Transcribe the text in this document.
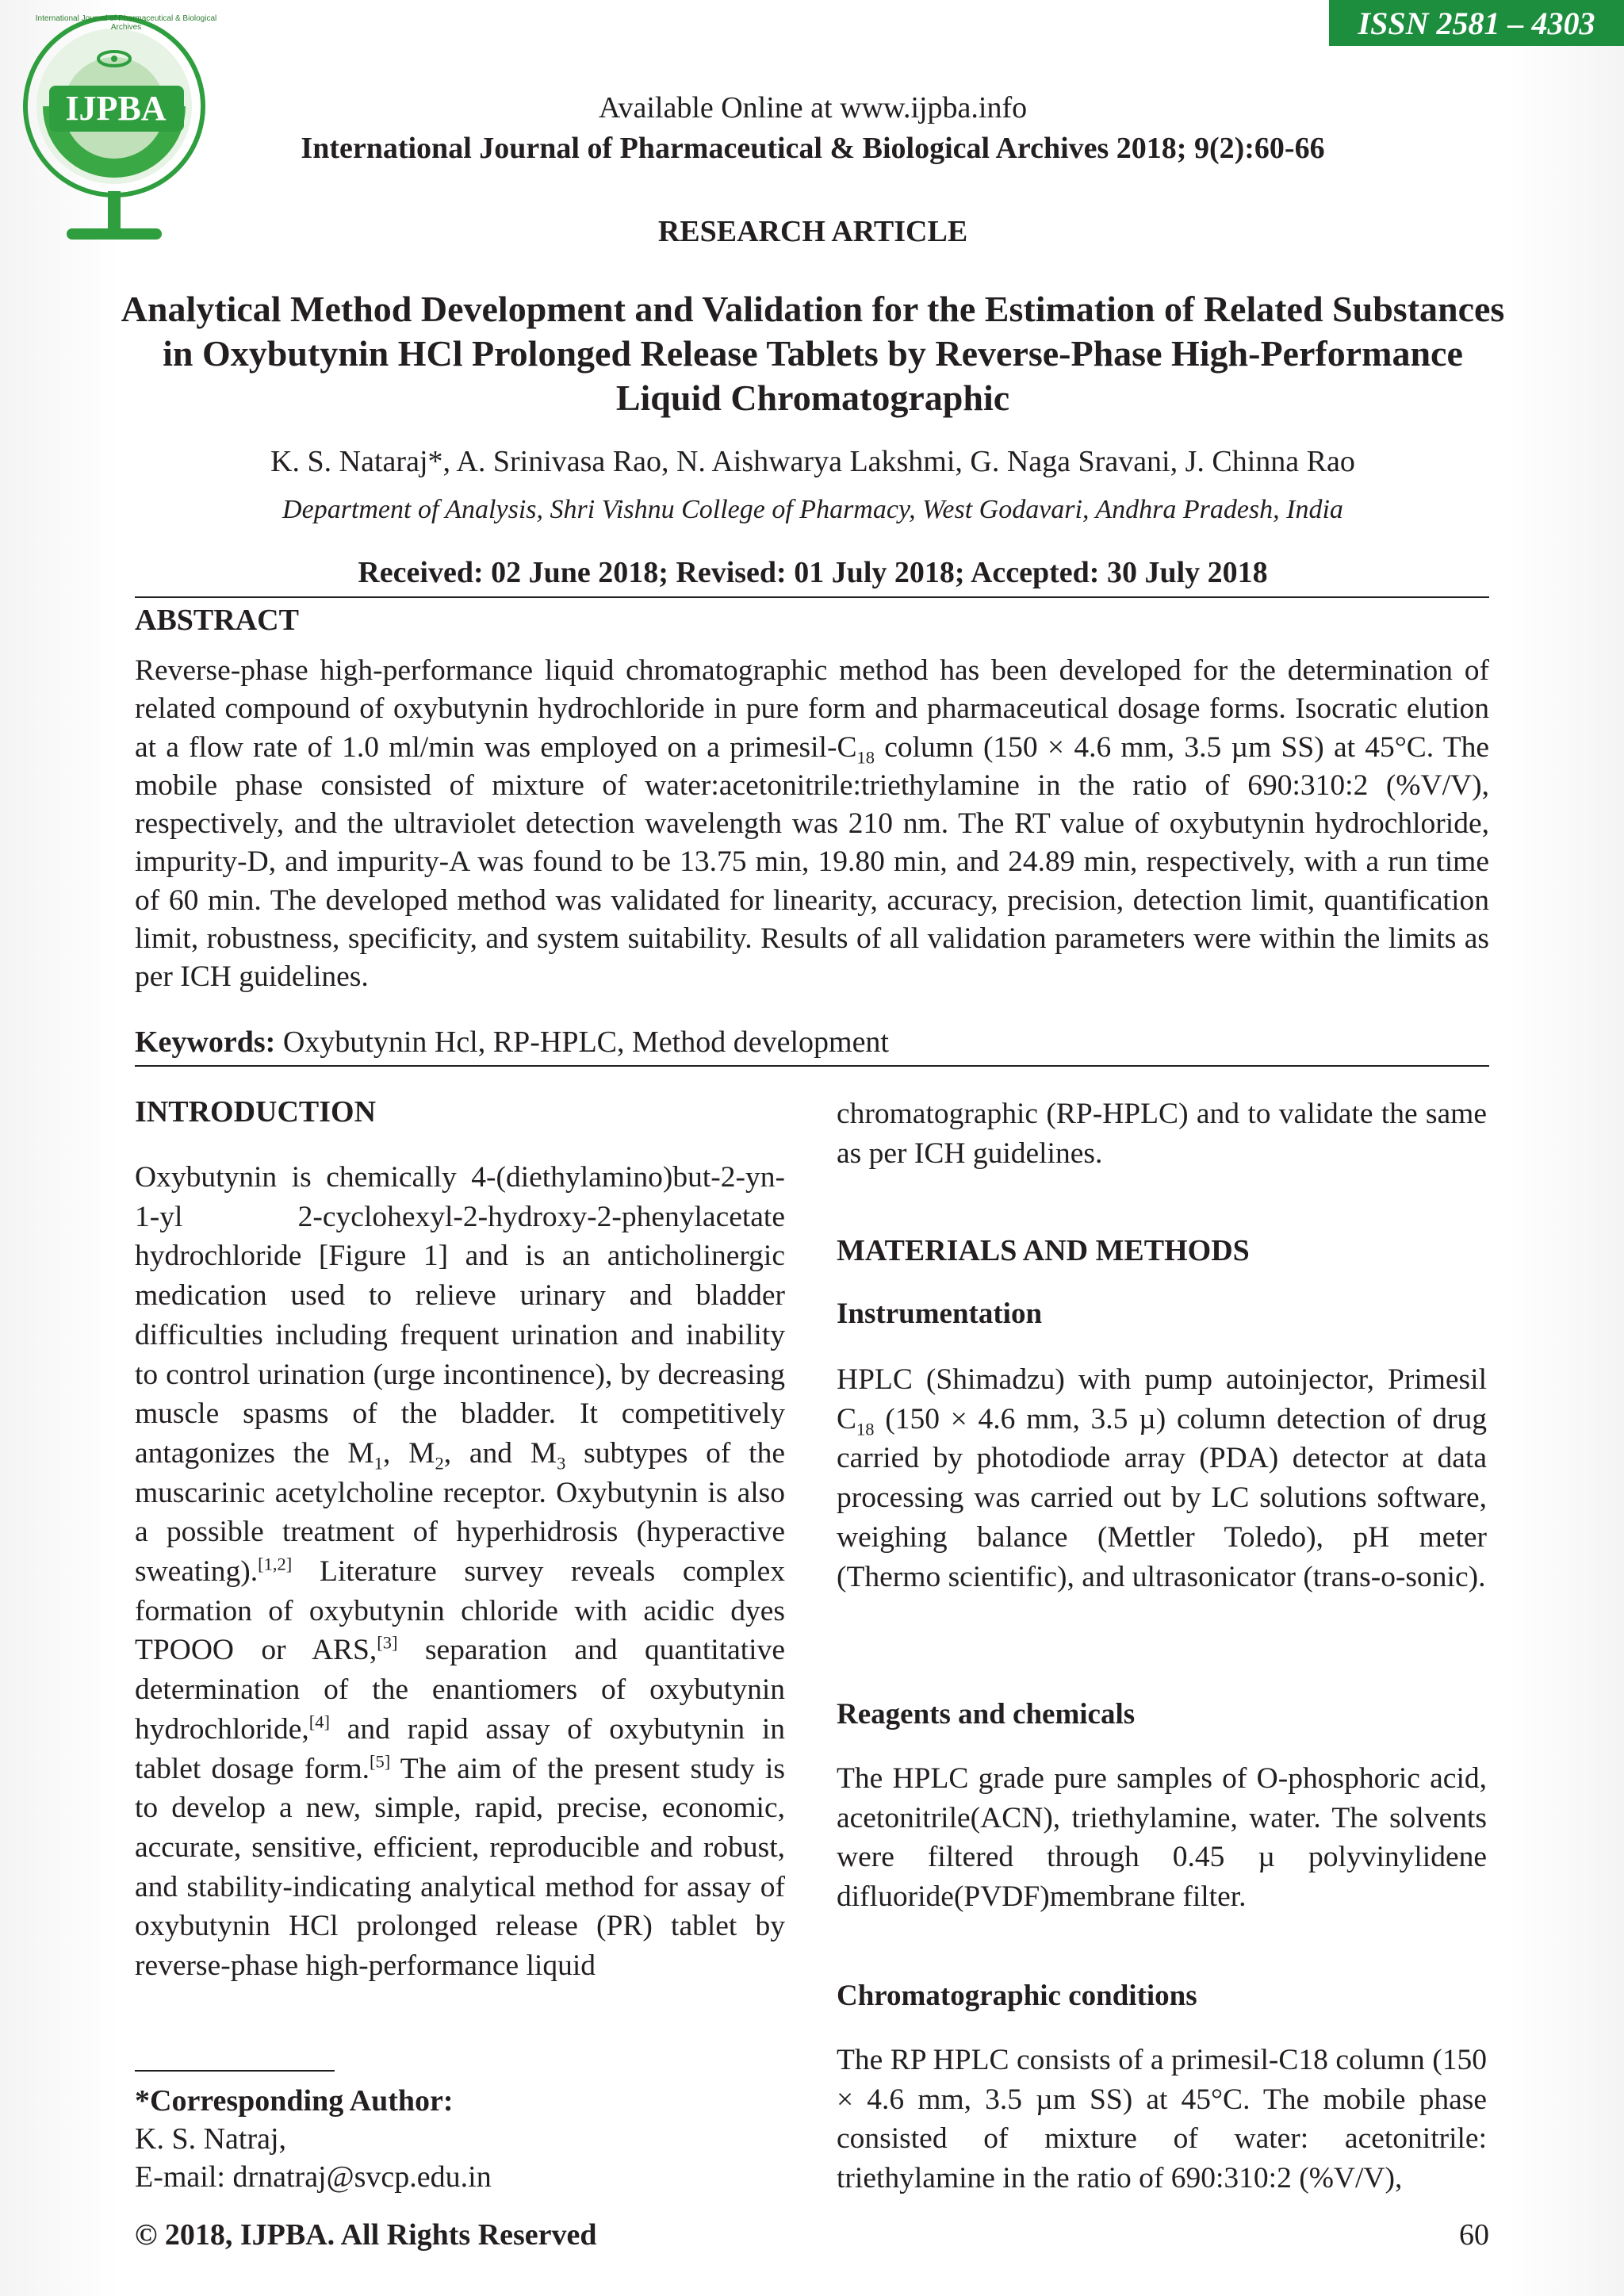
ISSN 2581 – 4303
IJPBA
International Journal of Pharmaceutical & Biological Archives
Available Online at www.ijpba.info
International Journal of Pharmaceutical & Biological Archives 2018; 9(2):60-66
RESEARCH ARTICLE
Analytical Method Development and Validation for the Estimation of Related Substances in Oxybutynin HCl Prolonged Release Tablets by Reverse-Phase High-Performance Liquid Chromatographic
K. S. Nataraj*, A. Srinivasa Rao, N. Aishwarya Lakshmi, G. Naga Sravani, J. Chinna Rao
Department of Analysis, Shri Vishnu College of Pharmacy, West Godavari, Andhra Pradesh, India
Received: 02 June 2018; Revised: 01 July 2018; Accepted: 30 July 2018
ABSTRACT
Reverse-phase high-performance liquid chromatographic method has been developed for the determination of related compound of oxybutynin hydrochloride in pure form and pharmaceutical dosage forms. Isocratic elution at a flow rate of 1.0 ml/min was employed on a primesil-$C_{18}$ column (150 × 4.6 mm, 3.5 µm SS) at 45°C. The mobile phase consisted of mixture of water:acetonitrile:triethylamine in the ratio of 690:310:2 (%V/V), respectively, and the ultraviolet detection wavelength was 210 nm. The RT value of oxybutynin hydrochloride, impurity-D, and impurity-A was found to be 13.75 min, 19.80 min, and 24.89 min, respectively, with a run time of 60 min. The developed method was validated for linearity, accuracy, precision, detection limit, quantification limit, robustness, specificity, and system suitability. Results of all validation parameters were within the limits as per ICH guidelines.
Keywords: Oxybutynin Hcl, RP-HPLC, Method development
INTRODUCTION
Oxybutynin is chemically 4-(diethylamino)but-2-yn-1-yl 2-cyclohexyl-2-hydroxy-2-phenylacetate hydrochloride [Figure 1] and is an anticholinergic medication used to relieve urinary and bladder difficulties including frequent urination and inability to control urination (urge incontinence), by decreasing muscle spasms of the bladder. It competitively antagonizes the $M_1$, $M_2$, and $M_3$ subtypes of the muscarinic acetylcholine receptor. Oxybutynin is also a possible treatment of hyperhidrosis (hyperactive sweating).[1,2] Literature survey reveals complex formation of oxybutynin chloride with acidic dyes TPOOO or ARS,[3] separation and quantitative determination of the enantiomers of oxybutynin hydrochloride,[4] and rapid assay of oxybutynin in tablet dosage form.[5] The aim of the present study is to develop a new, simple, rapid, precise, economic, accurate, sensitive, efficient, reproducible and robust, and stability-indicating analytical method for assay of oxybutynin HCl prolonged release (PR) tablet by reverse-phase high-performance liquid
chromatographic (RP-HPLC) and to validate the same as per ICH guidelines.
MATERIALS AND METHODS
Instrumentation
HPLC (Shimadzu) with pump autoinjector, Primesil $C_{18}$ (150 × 4.6 mm, 3.5 µ) column detection of drug carried by photodiode array (PDA) detector at data processing was carried out by LC solutions software, weighing balance (Mettler Toledo), pH meter (Thermo scientific), and ultrasonicator (trans-o-sonic).
Reagents and chemicals
The HPLC grade pure samples of O-phosphoric acid, acetonitrile(ACN), triethylamine, water. The solvents were filtered through 0.45 µ polyvinylidene difluoride(PVDF)membrane filter.
Chromatographic conditions
The RP HPLC consists of a primesil-C18 column (150 × 4.6 mm, 3.5 µm SS) at 45°C. The mobile phase consisted of mixture of water: acetonitrile: triethylamine in the ratio of 690:310:2 (%V/V),
*Corresponding Author:
K. S. Natraj,
E-mail: drnatraj@svcp.edu.in
© 2018, IJPBA. All Rights Reserved	60
